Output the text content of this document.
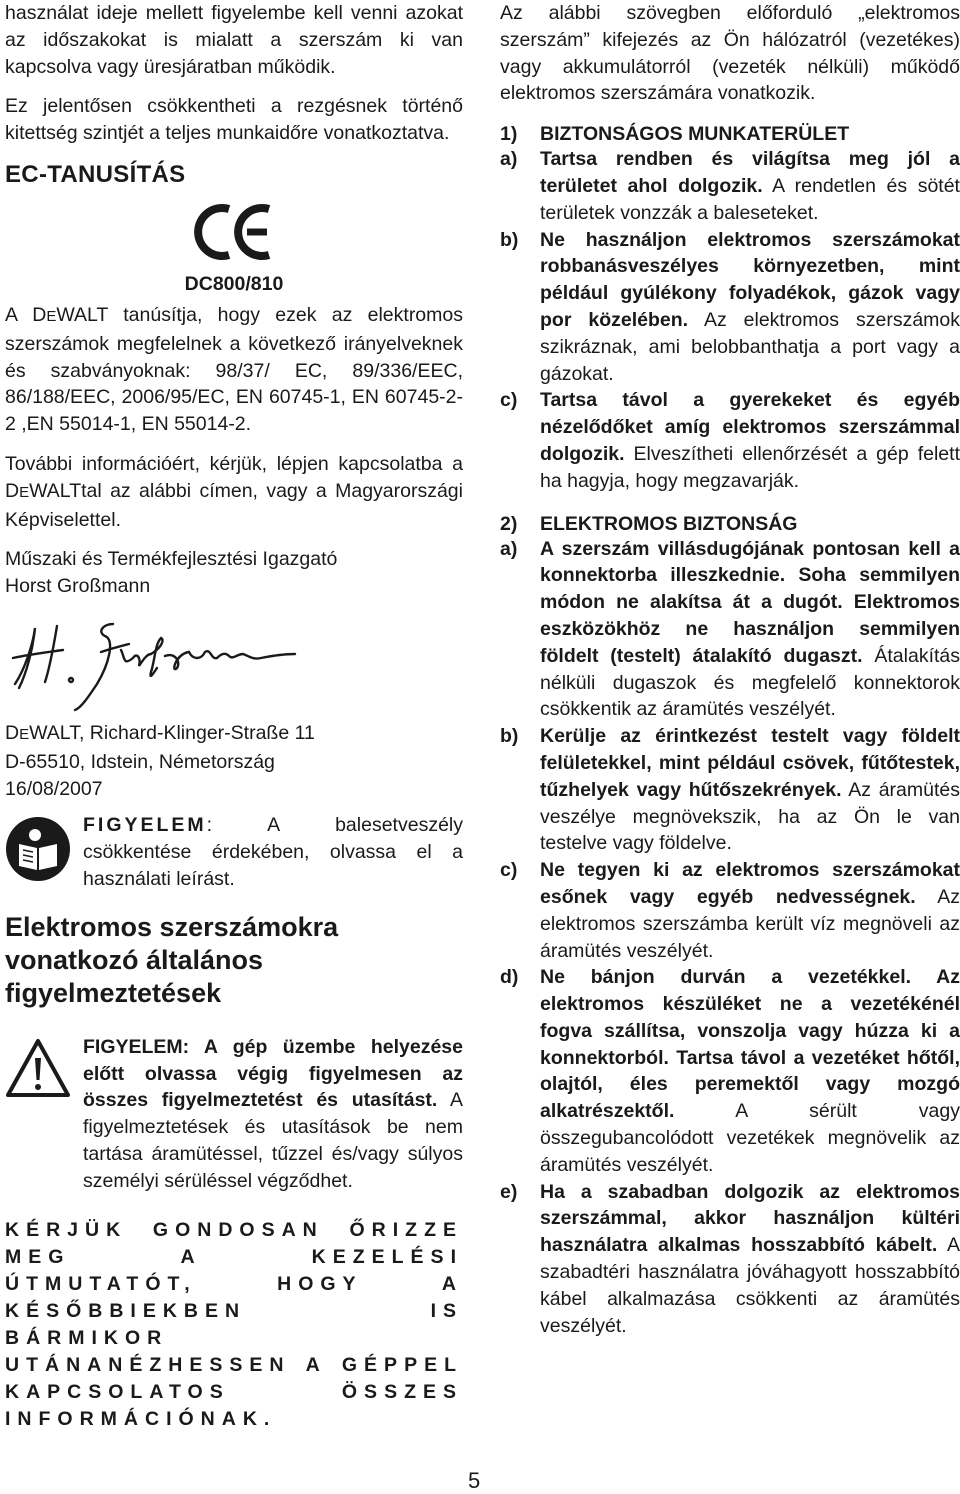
használat ideje mellett figyelembe kell venni azokat az időszakokat is mialatt a szerszám ki van kapcsolva vagy üresjáratban működik.

Ez jelentősen csökkentheti a rezgésnek történő kitettség szintjét a teljes munkaidőre vonatkoztatva.

EC-TANUSÍTÁS
DC800/810

A DEWALT tanúsítja, hogy ezek az elektromos szerszámok megfelelnek a következő irányelveknek és szabványoknak: 98/37/ EC, 89/336/EEC, 86/188/EEC, 2006/95/EC, EN 60745-1, EN 60745-2- 2 ,EN 55014-1, EN 55014-2.

További információért, kérjük, lépjen kapcsolatba a DEWALTtal az alábbi címen, vagy a Magyarországi Képviselettel.

Műszaki és Termékfejlesztési Igazgató

Horst Großmann

DEWALT, Richard-Klinger-Straße 11

D-65510, Idstein, Németország

16/08/2007

FIGYELEM: A balesetveszély csökkentése érdekében, olvassa el a használati leírást.

Elektromos szerszámokra vonatkozó általános figyelmeztetések

FIGYELEM: A gép üzembe helyezése előtt olvassa végig figyelmesen az összes figyelmeztetést és utasítást. A figyelmeztetések és utasítások be nem tartása áramütéssel, tűzzel és/vagy súlyos személyi sérüléssel végződhet.

KÉRJÜK GONDOSAN ŐRIZZE MEG A KEZELÉSI ÚTMUTATÓT, HOGY A KÉSŐBBIEKBEN IS BÁRMIKOR UTÁNANÉZHESSEN A GÉPPEL KAPCSOLATOS ÖSSZES INFORMÁCIÓNAK.

Az alábbi szövegben előforduló „elektromos szerszám” kifejezés az Ön hálózatról (vezetékes) vagy akkumulátorról (vezeték nélküli) működő elektromos szerszámára vonatkozik.

1)	BIZTONSÁGOS MUNKATERÜLET
a)	Tartsa rendben és világítsa meg jól a területet ahol dolgozik. A rendetlen és sötét területek vonzzák a baleseteket.
b)	Ne használjon elektromos szerszámokat robbanásveszélyes környezetben, mint például gyúlékony folyadékok, gázok vagy por közelében. Az elektromos szerszámok szikráznak, ami belobbanthatja a port vagy a gázokat.
c)	Tartsa távol a gyerekeket és egyéb nézelődőket amíg elektromos szerszámmal dolgozik. Elveszítheti ellenőrzését a gép felett ha hagyja, hogy megzavarják.
2)	ELEKTROMOS BIZTONSÁG
a)	A szerszám villásdugójának pontosan kell a konnektorba illeszkednie. Soha semmilyen módon ne alakítsa át a dugót. Elektromos eszközökhöz ne használjon semmilyen földelt (testelt) átalakító dugaszt. Átalakítás nélküli dugaszok és megfelelő konnektorok csökkentik az áramütés veszélyét.
b)	Kerülje az érintkezést testelt vagy földelt felületekkel, mint például csövek, fűtőtestek, tűzhelyek vagy hűtőszekrények. Az áramütés veszélye megnövekszik, ha az Ön le van testelve vagy földelve.
c)	Ne tegyen ki az elektromos szerszámokat esőnek vagy egyéb nedvességnek. Az elektromos szerszámba került víz megnöveli az áramütés veszélyét.
d)	Ne bánjon durván a vezetékkel. Az elektromos készüléket ne a vezetékénél fogva szállítsa, vonszolja vagy húzza ki a konnektorból. Tartsa távol a vezetéket hőtől, olajtól, éles peremektől vagy mozgó alkatrészektől. A sérült vagy összegubancolódott vezetékek megnövelik az áramütés veszélyét.
e)	Ha a szabadban dolgozik az elektromos szerszámmal, akkor használjon kültéri használatra alkalmas hosszabbító kábelt. A szabadtéri használatra jóváhagyott hosszabbító kábel alkalmazása csökkenti az áramütés veszélyét.
5
